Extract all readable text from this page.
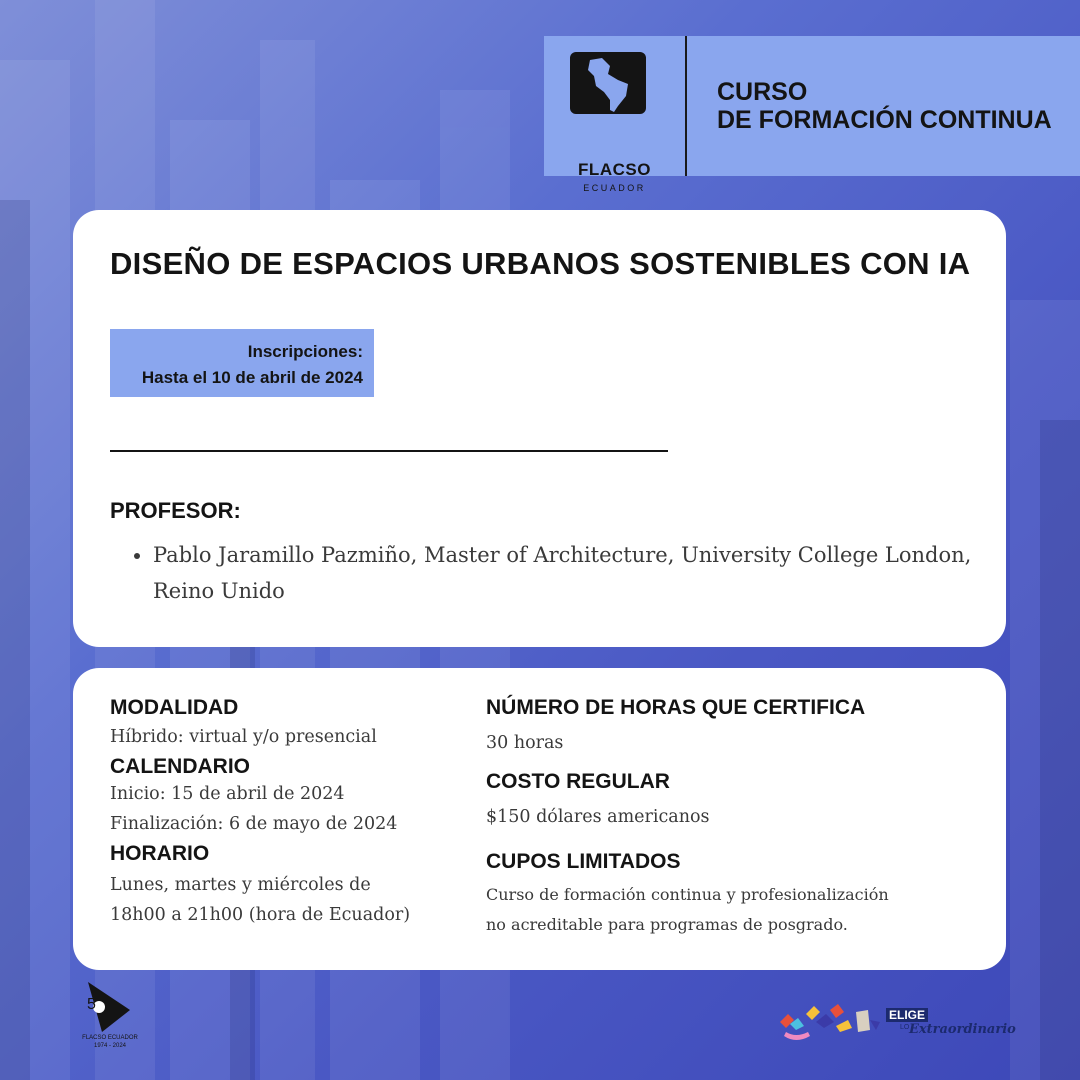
FLACSO
ECUADOR
CURSO
DE FORMACIÓN CONTINUA
DISEÑO DE ESPACIOS URBANOS SOSTENIBLES CON IA
Inscripciones:
Hasta el 10 de abril de 2024
PROFESOR:
• Pablo Jaramillo Pazmiño, Master of Architecture, University College London, Reino Unido
MODALIDAD
Híbrido: virtual y/o presencial
CALENDARIO
Inicio: 15 de abril de 2024
Finalización: 6 de mayo de 2024
HORARIO
Lunes, martes y miércoles de
18h00 a 21h00 (hora de Ecuador)
NÚMERO DE HORAS QUE CERTIFICA
30 horas
COSTO REGULAR
$150 dólares americanos
CUPOS LIMITADOS
Curso de formación continua y profesionalización
no acreditable para programas de posgrado.
5
FLACSO ECUADOR
1974 - 2024
ELIGE
LO Extraordinario
